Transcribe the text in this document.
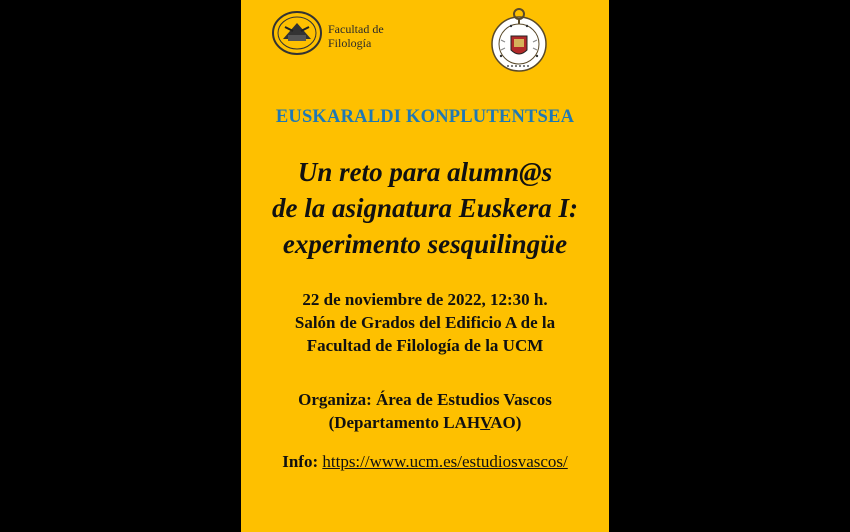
Facultad de
Filología
EUSKARALDI KONPLUTENTSEA
Un reto para alumn@s
de la asignatura Euskera I:
experimento sesquilingüe
22 de noviembre de 2022, 12:30 h.
Salón de Grados del Edificio A de la
Facultad de Filología de la UCM
Organiza: Área de Estudios Vascos
(Departamento LAHVAO)
Info: https://www.ucm.es/estudiosvascos/
